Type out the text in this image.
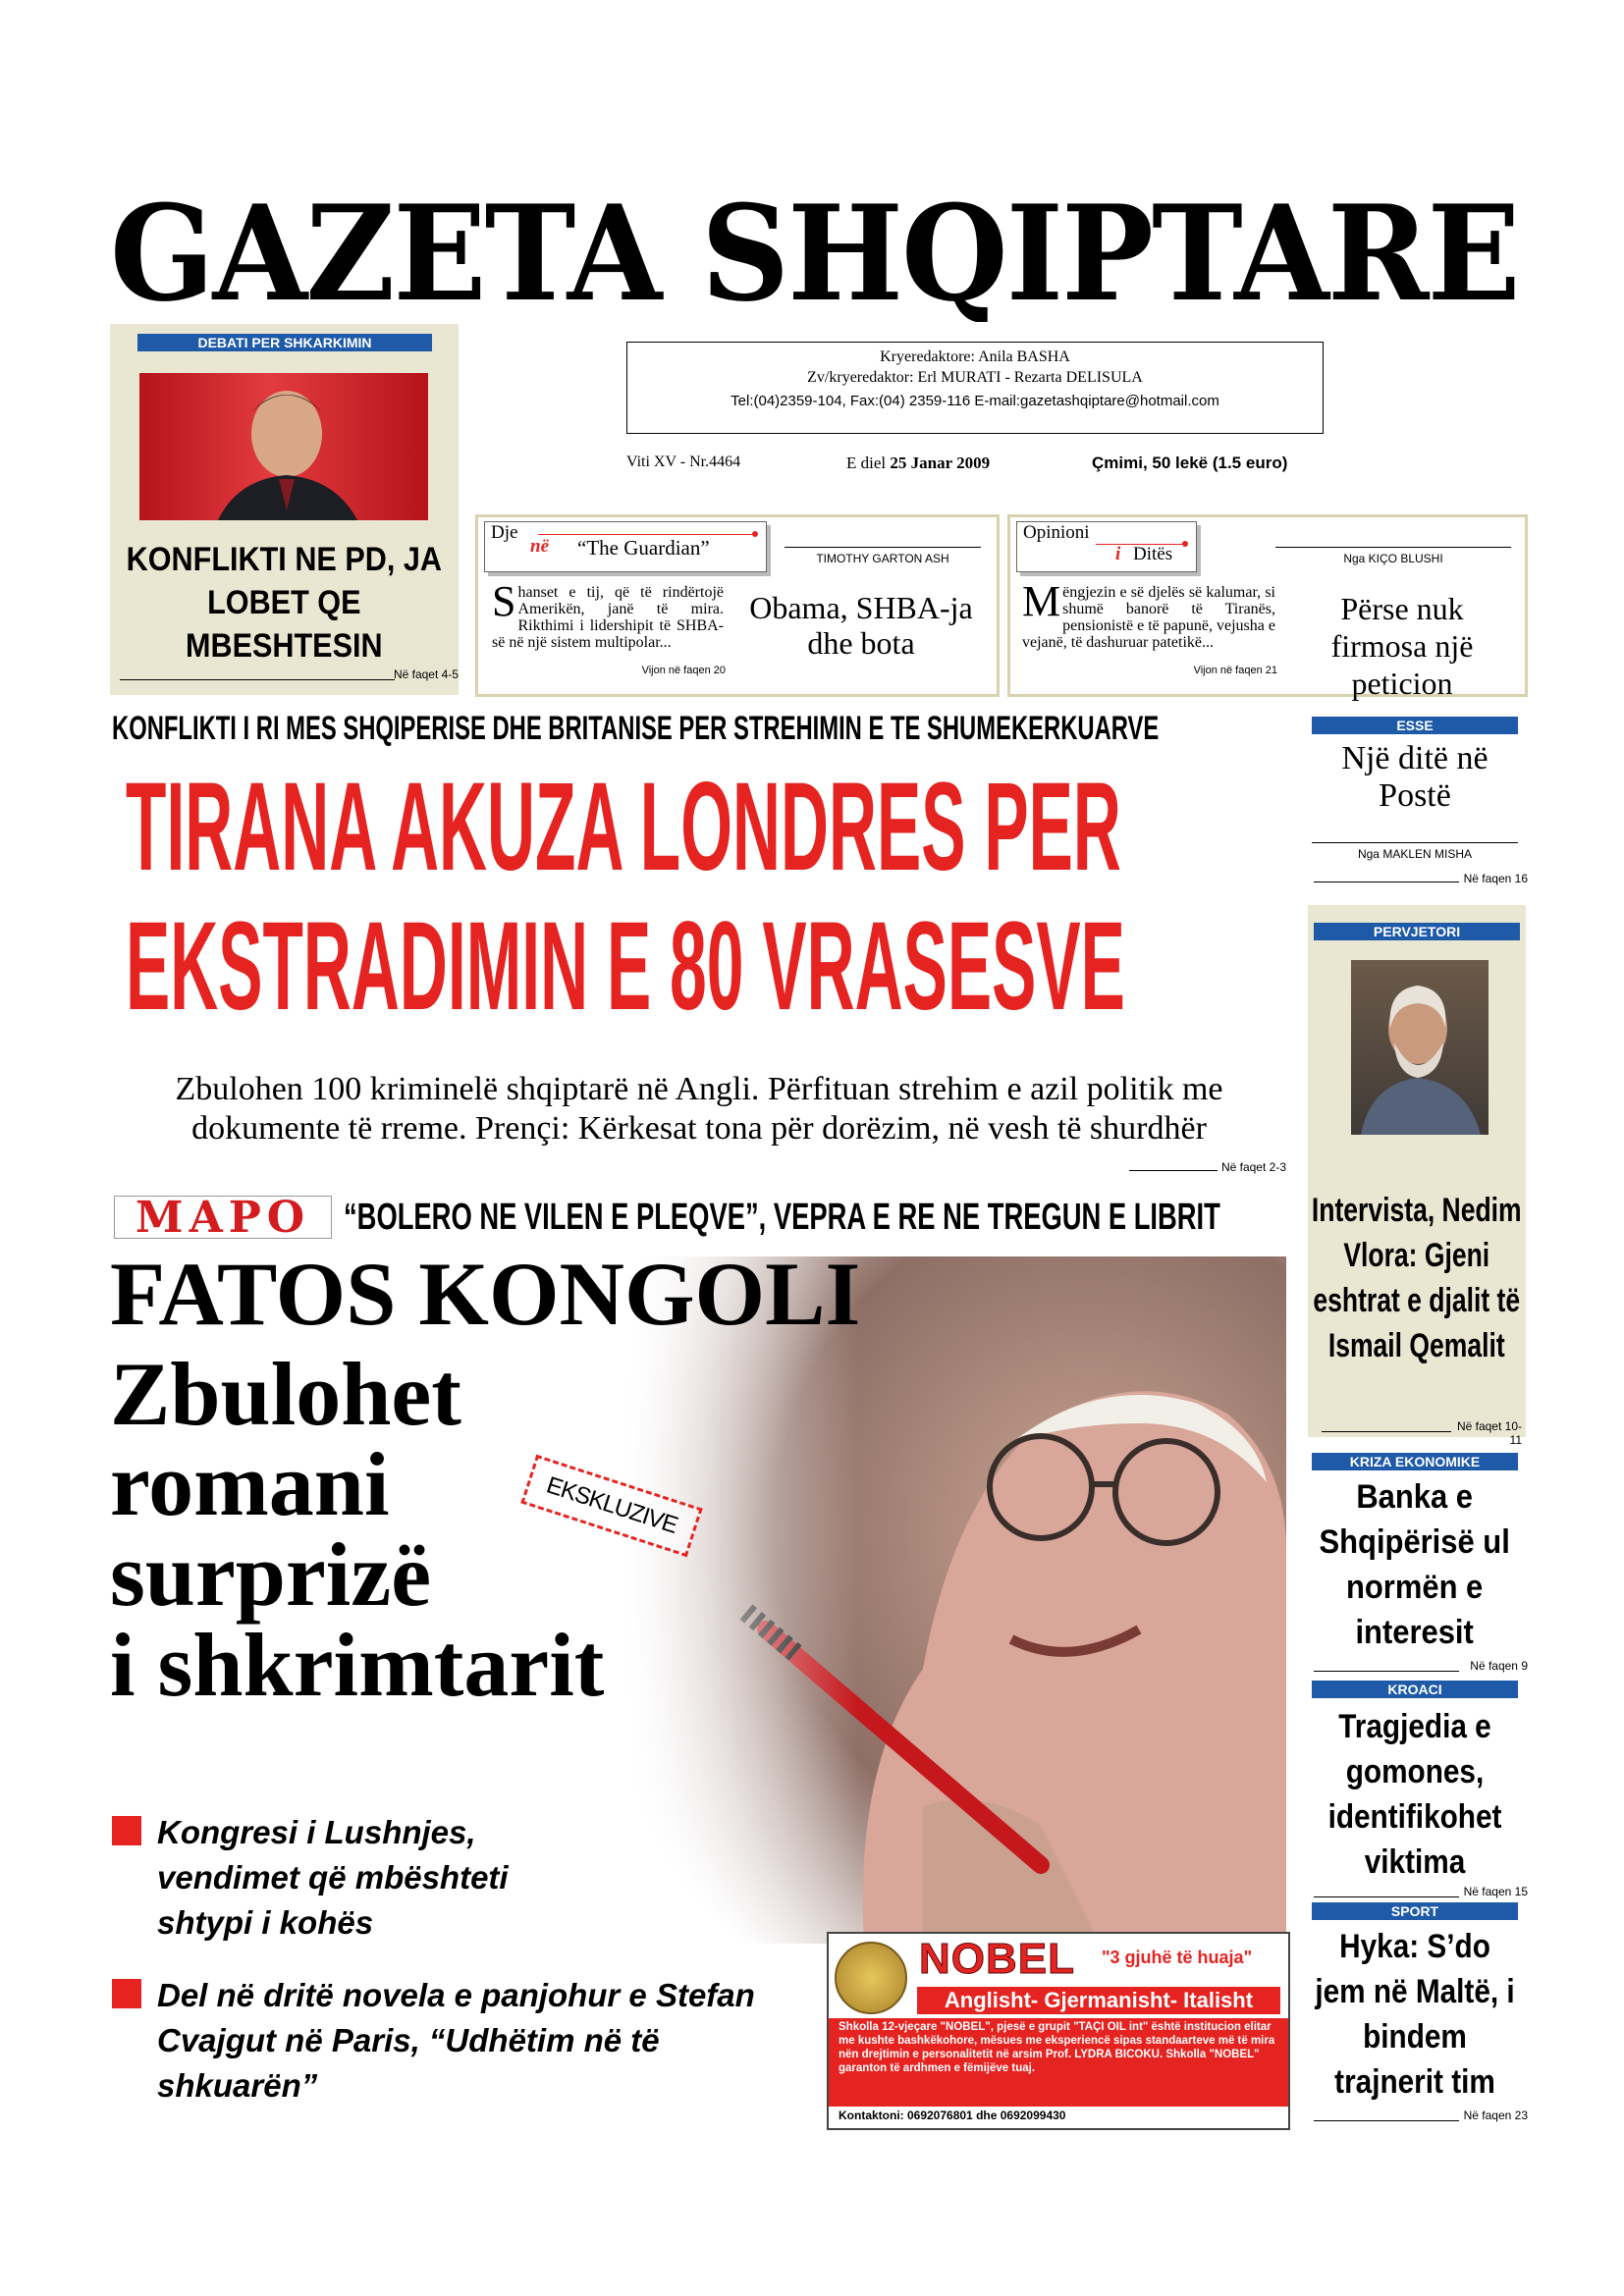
GAZETA SHQIPTARE
DEBATI PER SHKARKIMIN
KONFLIKTI NE PD, JA LOBET QE MBESHTESIN
Në faqet 4-5
Kryeredaktore: Anila BASHA
Zv/kryeredaktor: Erl MURATI - Rezarta DELISULA
Tel:(04)2359-104, Fax:(04) 2359-116 E-mail:gazetashqiptare@hotmail.com
Viti XV - Nr.4464	E diel 25 Janar 2009	Çmimi, 50 lekë (1.5 euro)
Dje
në “The Guardian”	TIMOTHY GARTON ASH
S hanset e tij, që të rindërtojë Amerikën, janë të mira. Rikthimi i lidershipit të SHBA-së në një sistem multipolar...
Vijon në faqen 20
Obama, SHBA-ja dhe bota
Opinioni
i Ditës	Nga KIÇO BLUSHI
M ëngjezin e së djelës së kalumar, si shumë banorë të Tiranës, pensionistë e të papunë, vejusha e vejanë, të dashuruar patetikë...
Vijon në faqen 21
Përse nuk firmosa një peticion
KONFLIKTI I RI MES SHQIPERISE DHE BRITANISE PER STREHIMIN E TE SHUMEKERKUARVE
TIRANA AKUZA LONDRES PER
EKSTRADIMIN E 80 VRASESVE
Zbulohen 100 kriminelë shqiptarë në Angli. Përfituan strehim e azil politik me
dokumente të rreme. Prençi: Kërkesat tona për dorëzim, në vesh të shurdhër
Në faqet 2-3
MAPO “BOLERO NE VILEN E PLEQVE”, VEPRA E RE NE TREGUN E LIBRIT
FATOS KONGOLI
Zbulohet
romani
surprizë
i shkrimtarit
EKSKLUZIVE
Kongresi i Lushnjes, vendimet që mbështeti shtypi i kohës
Del në dritë novela e panjohur e Stefan Cvajgut në Paris, “Udhëtim në të shkuarën”
NOBEL "3 gjuhë të huaja"
Anglisht- Gjermanisht- Italisht
Shkolla 12-vjeçare "NOBEL", pjesë e grupit "TAÇI OIL int" është institucion elitar me kushte bashkëkohore, mësues me eksperiencë sipas standaarteve më të mira nën drejtimin e personalitetit në arsim Prof. LYDRA BICOKU. Shkolla "NOBEL" garanton të ardhmen e fëmijëve tuaj.
Kontaktoni: 0692076801 dhe 0692099430
ESSE
Një ditë në Postë
Nga MAKLEN MISHA
Në faqen 16
PERVJETORI
Intervista, Nedim Vlora: Gjeni eshtrat e djalit të Ismail Qemalit
Në faqet 10-11
KRIZA EKONOMIKE
Banka e Shqipërisë ul normën e interesit
Në faqen 9
KROACI
Tragjedia e gomones, identifikohet viktima
Në faqen 15
SPORT
Hyka: S’do jem në Maltë, i bindem trajnerit tim
Në faqen 23
